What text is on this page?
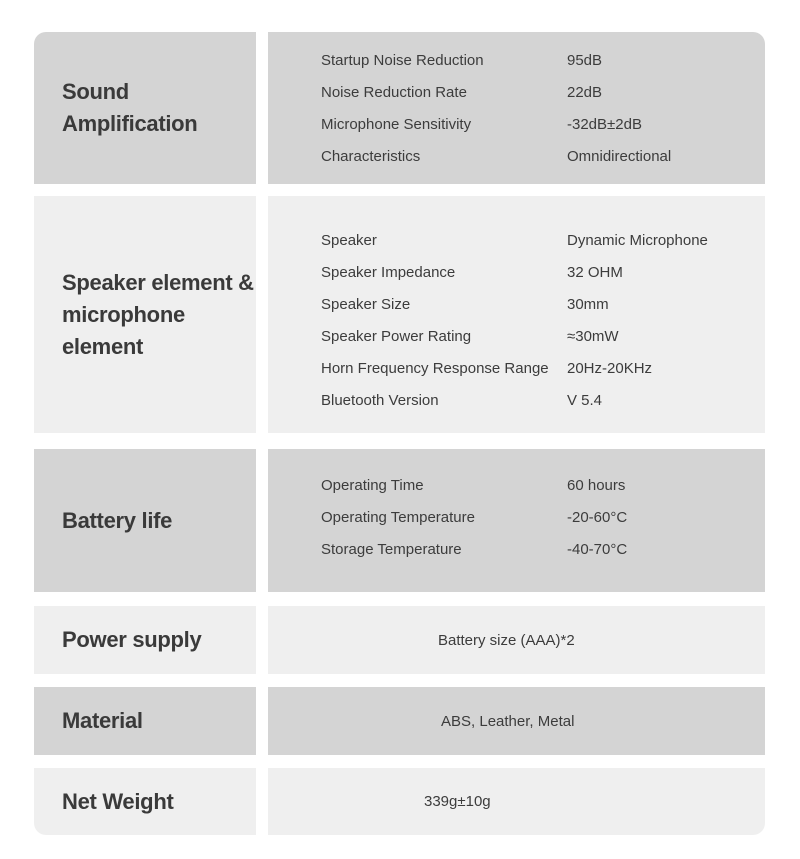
Sound Amplification
Startup Noise Reduction	95dB
Noise Reduction Rate	22dB
Microphone Sensitivity	-32dB±2dB
Characteristics	Omnidirectional
Speaker element &
microphone element
Speaker	Dynamic Microphone
Speaker Impedance	32 OHM
Speaker Size	30mm
Speaker Power Rating	≈30mW
Horn Frequency Response Range	20Hz-20KHz
Bluetooth Version	V 5.4
Battery life
Operating Time	60 hours
Operating Temperature	-20-60°C
Storage Temperature	-40-70°C
Power supply	Battery size (AAA)*2
Material	ABS, Leather, Metal
Net Weight	339g±10g
